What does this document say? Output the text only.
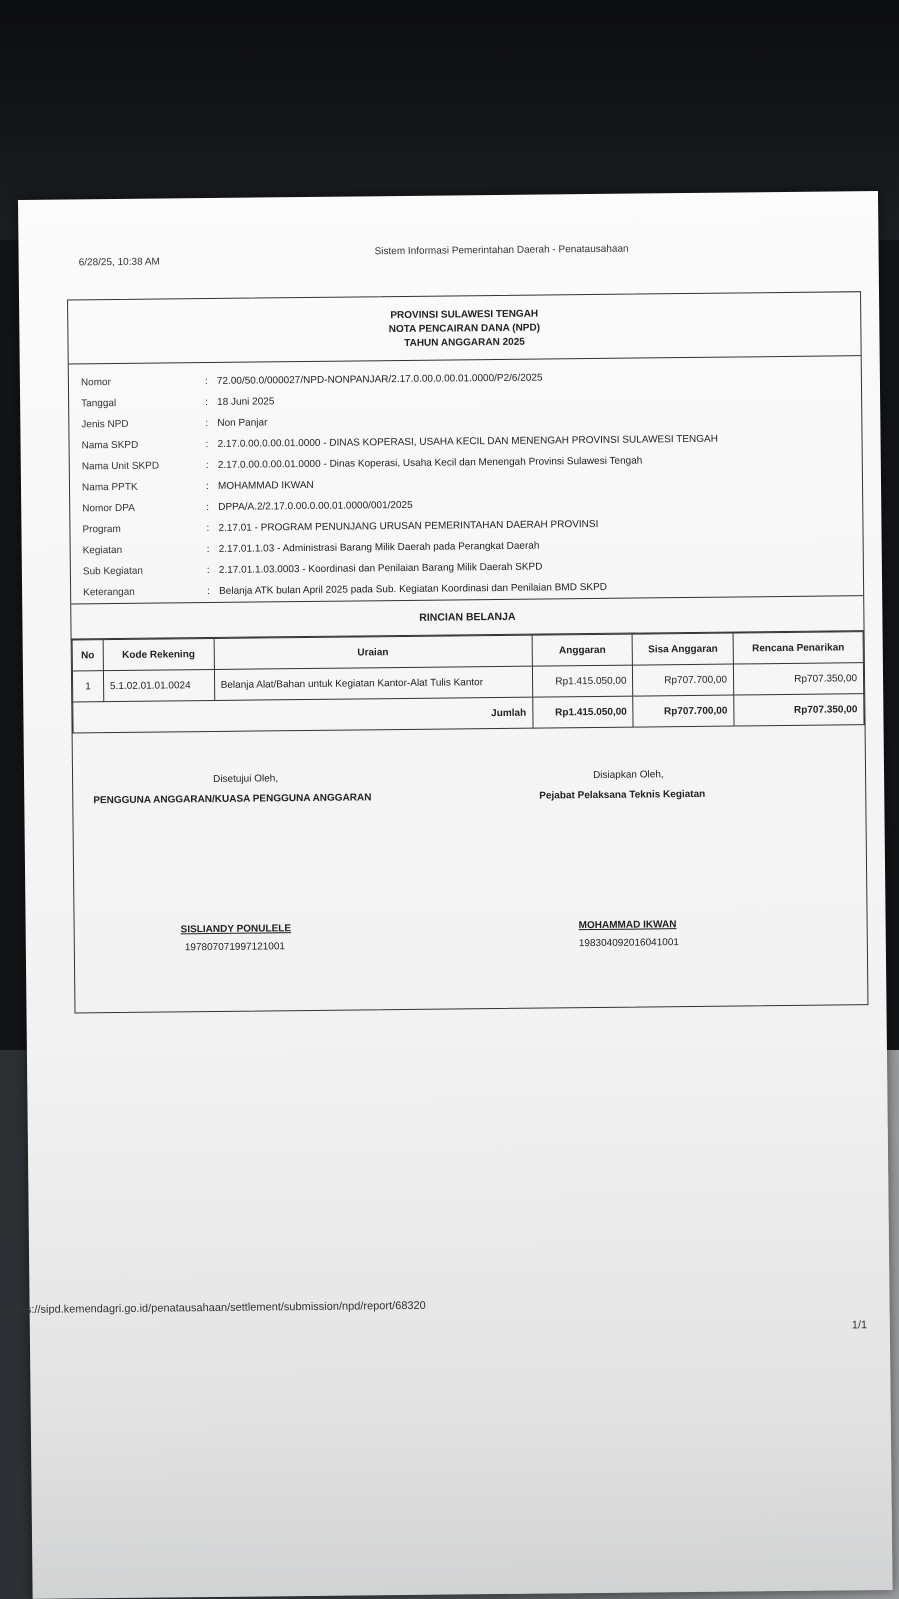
6/28/25, 10:38 AM
Sistem Informasi Pemerintahan Daerah - Penatausahaan
PROVINSI SULAWESI TENGAH
NOTA PENCAIRAN DANA (NPD)
TAHUN ANGGARAN 2025
Nomor	: 72.00/50.0/000027/NPD-NONPANJAR/2.17.0.00.0.00.01.0000/P2/6/2025
Tanggal	: 18 Juni 2025
Jenis NPD	: Non Panjar
Nama SKPD	: 2.17.0.00.0.00.01.0000 - DINAS KOPERASI, USAHA KECIL DAN MENENGAH PROVINSI SULAWESI TENGAH
Nama Unit SKPD	: 2.17.0.00.0.00.01.0000 - Dinas Koperasi, Usaha Kecil dan Menengah Provinsi Sulawesi Tengah
Nama PPTK	: MOHAMMAD IKWAN
Nomor DPA	: DPPA/A.2/2.17.0.00.0.00.01.0000/001/2025
Program	: 2.17.01 - PROGRAM PENUNJANG URUSAN PEMERINTAHAN DAERAH PROVINSI
Kegiatan	: 2.17.01.1.03 - Administrasi Barang Milik Daerah pada Perangkat Daerah
Sub Kegiatan	: 2.17.01.1.03.0003 - Koordinasi dan Penilaian Barang Milik Daerah SKPD
Keterangan	: Belanja ATK bulan April 2025 pada Sub. Kegiatan Koordinasi dan Penilaian BMD SKPD
RINCIAN BELANJA
No	Kode Rekening	Uraian	Anggaran	Sisa Anggaran	Rencana Penarikan
1	5.1.02.01.01.0024	Belanja Alat/Bahan untuk Kegiatan Kantor-Alat Tulis Kantor	Rp1.415.050,00	Rp707.700,00	Rp707.350,00
Jumlah			Rp1.415.050,00	Rp707.700,00	Rp707.350,00
Disetujui Oleh,
PENGGUNA ANGGARAN/KUASA PENGGUNA ANGGARAN
SISLIANDY PONULELE
197807071997121001
Disiapkan Oleh,
Pejabat Pelaksana Teknis Kegiatan
MOHAMMAD IKWAN
198304092016041001
ttps://sipd.kemendagri.go.id/penatausahaan/settlement/submission/npd/report/68320
1/1
